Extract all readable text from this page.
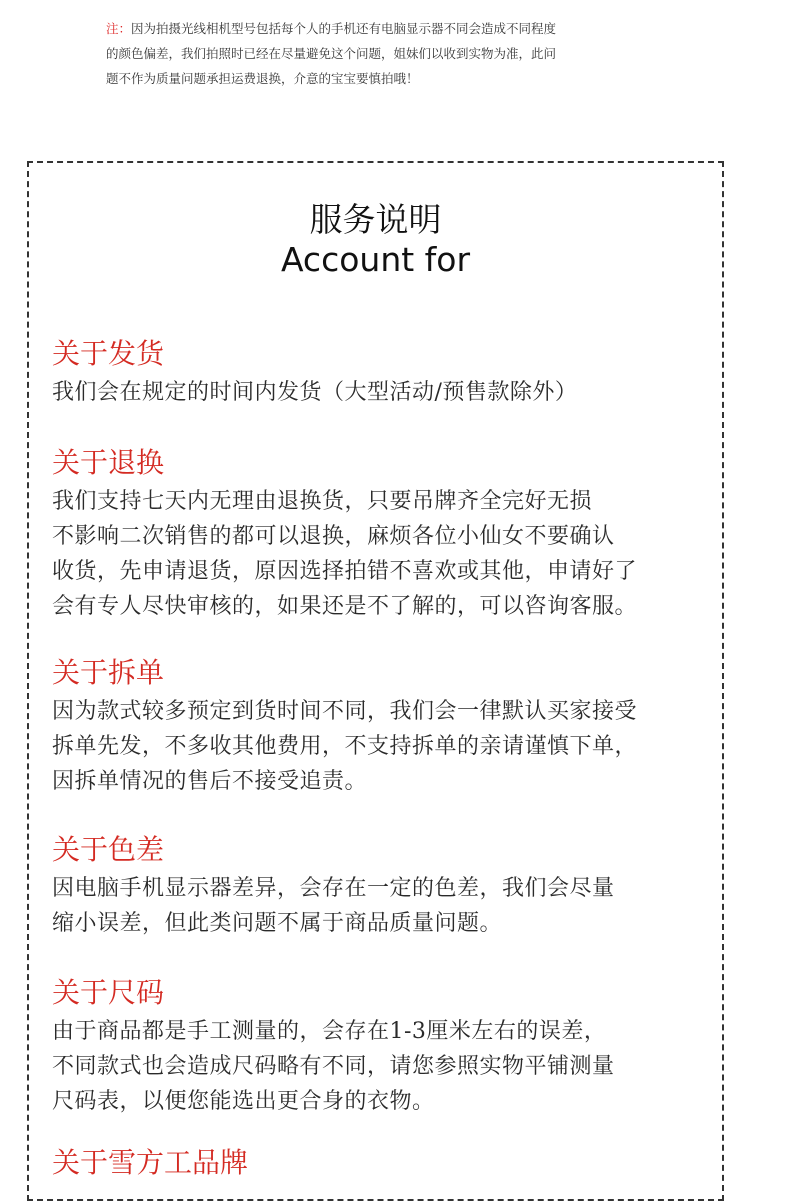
注：因为拍摄光线相机型号包括每个人的手机还有电脑显示器不同会造成不同程度

的颜色偏差，我们拍照时已经在尽量避免这个问题，姐妹们以收到实物为准，此问

题不作为质量问题承担运费退换，介意的宝宝要慎拍哦！

服务说明
Account for
关于发货

我们会在规定的时间内发货（大型活动/预售款除外）

关于退换

我们支持七天内无理由退换货，只要吊牌齐全完好无损

不影响二次销售的都可以退换，麻烦各位小仙女不要确认

收货，先申请退货，原因选择拍错不喜欢或其他，申请好了

会有专人尽快审核的，如果还是不了解的，可以咨询客服。

关于拆单

因为款式较多预定到货时间不同，我们会一律默认买家接受

拆单先发，不多收其他费用，不支持拆单的亲请谨慎下单，

因拆单情况的售后不接受追责。

关于色差

因电脑手机显示器差异，会存在一定的色差，我们会尽量

缩小误差，但此类问题不属于商品质量问题。

关于尺码

由于商品都是手工测量的，会存在1-3厘米左右的误差，

不同款式也会造成尺码略有不同，请您参照实物平铺测量

尺码表，以便您能选出更合身的衣物。

关于雪方工品牌
